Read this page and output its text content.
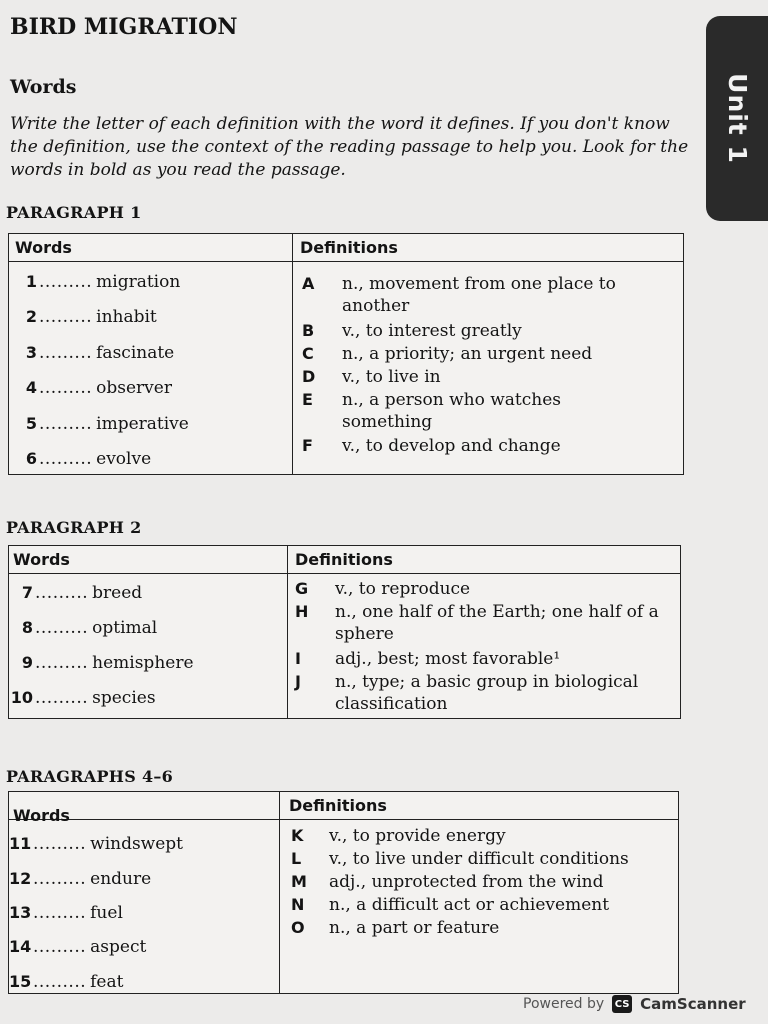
Unit 1
BIRD MIGRATION
Words
Write the letter of each definition with the word it defines. If you don't know the definition, use the context of the reading passage to help you. Look for the words in bold as you read the passage.
PARAGRAPH 1
Words	Definitions
1 ......... migration
2 ......... inhabit
3 ......... fascinate
4 ......... observer
5 ......... imperative
6 ......... evolve
A n., movement from one place to another
B v., to interest greatly
C n., a priority; an urgent need
D v., to live in
E n., a person who watches something
F v., to develop and change
PARAGRAPH 2
Words	Definitions
7 ......... breed
8 ......... optimal
9 ......... hemisphere
10 ......... species
G v., to reproduce
H n., one half of the Earth; one half of a sphere
I adj., best; most favorable¹
J n., type; a basic group in biological classification
PARAGRAPHS 4–6
Words
Definitions
11 ......... windswept
12 ......... endure
13 ......... fuel
14 ......... aspect
15 ......... feat
K v., to provide energy
L v., to live under difficult conditions
M adj., unprotected from the wind
N n., a difficult act or achievement
O n., a part or feature
Powered by CS CamScanner
